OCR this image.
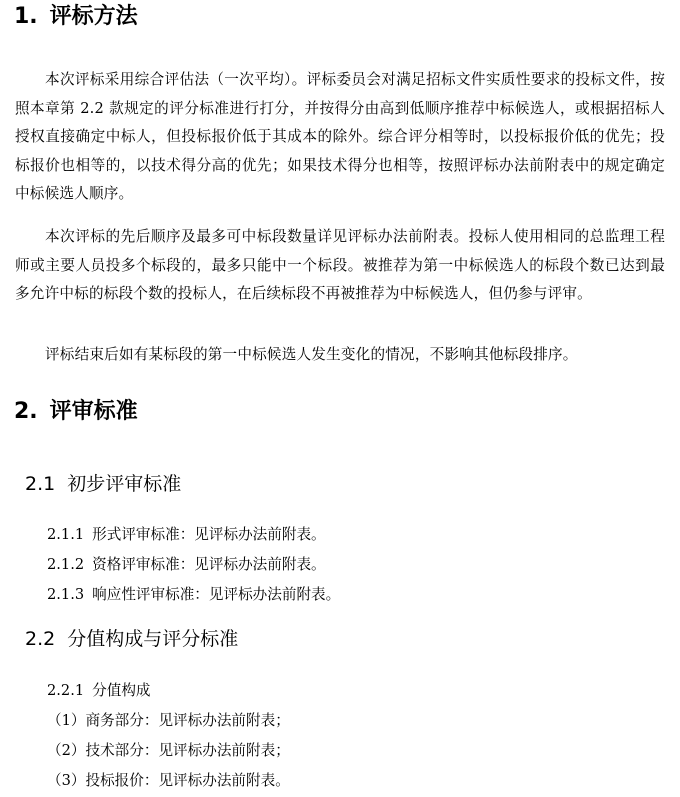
1. 评标方法
本次评标采用综合评估法（一次平均）。评标委员会对满足招标文件实质性要求的投标文件，按照本章第 2.2 款规定的评分标准进行打分，并按得分由高到低顺序推荐中标候选人，或根据招标人授权直接确定中标人，但投标报价低于其成本的除外。综合评分相等时，以投标报价低的优先；投标报价也相等的，以技术得分高的优先；如果技术得分也相等，按照评标办法前附表中的规定确定中标候选人顺序。
本次评标的先后顺序及最多可中标段数量详见评标办法前附表。投标人使用相同的总监理工程师或主要人员投多个标段的，最多只能中一个标段。被推荐为第一中标候选人的标段个数已达到最多允许中标的标段个数的投标人，在后续标段不再被推荐为中标候选人，但仍参与评审。
评标结束后如有某标段的第一中标候选人发生变化的情况，不影响其他标段排序。
2. 评审标准
2.1 初步评审标准
2.1.1 形式评审标准：见评标办法前附表。
2.1.2 资格评审标准：见评标办法前附表。
2.1.3 响应性评审标准：见评标办法前附表。
2.2 分值构成与评分标准
2.2.1 分值构成
（1）商务部分：见评标办法前附表；
（2）技术部分：见评标办法前附表；
（3）投标报价：见评标办法前附表。
